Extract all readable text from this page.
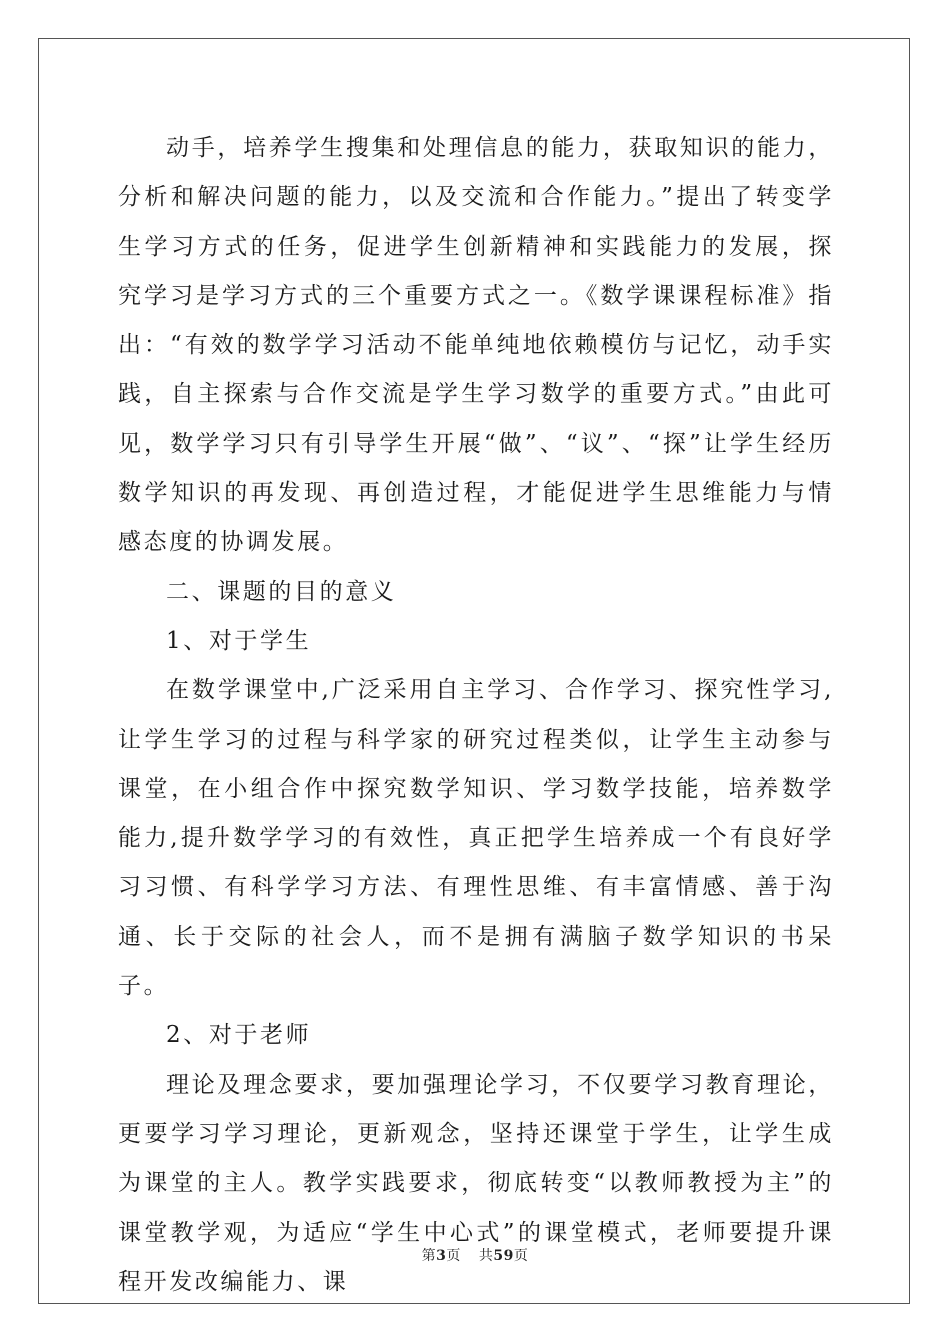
动手，培养学生搜集和处理信息的能力，获取知识的能力，分析和解决问题的能力，以及交流和合作能力。”提出了转变学生学习方式的任务，促进学生创新精神和实践能力的发展，探究学习是学习方式的三个重要方式之一。《数学课课程标准》指出：“有效的数学学习活动不能单纯地依赖模仿与记忆，动手实践，自主探索与合作交流是学生学习数学的重要方式。”由此可见，数学学习只有引导学生开展“做”、“议”、“探”让学生经历数学知识的再发现、再创造过程，才能促进学生思维能力与情感态度的协调发展。

二、课题的目的意义

1、对于学生

在数学课堂中,广泛采用自主学习、合作学习、探究性学习,让学生学习的过程与科学家的研究过程类似，让学生主动参与课堂，在小组合作中探究数学知识、学习数学技能，培养数学能力,提升数学学习的有效性，真正把学生培养成一个有良好学习习惯、有科学学习方法、有理性思维、有丰富情感、善于沟通、长于交际的社会人，而不是拥有满脑子数学知识的书呆子。

2、对于老师

理论及理念要求，要加强理论学习，不仅要学习教育理论，更要学习学习理论，更新观念，坚持还课堂于学生，让学生成为课堂的主人。教学实践要求，彻底转变“以教师教授为主”的课堂教学观，为适应“学生中心式”的课堂模式，老师要提升课程开发改编能力、课

第3页 共59页
